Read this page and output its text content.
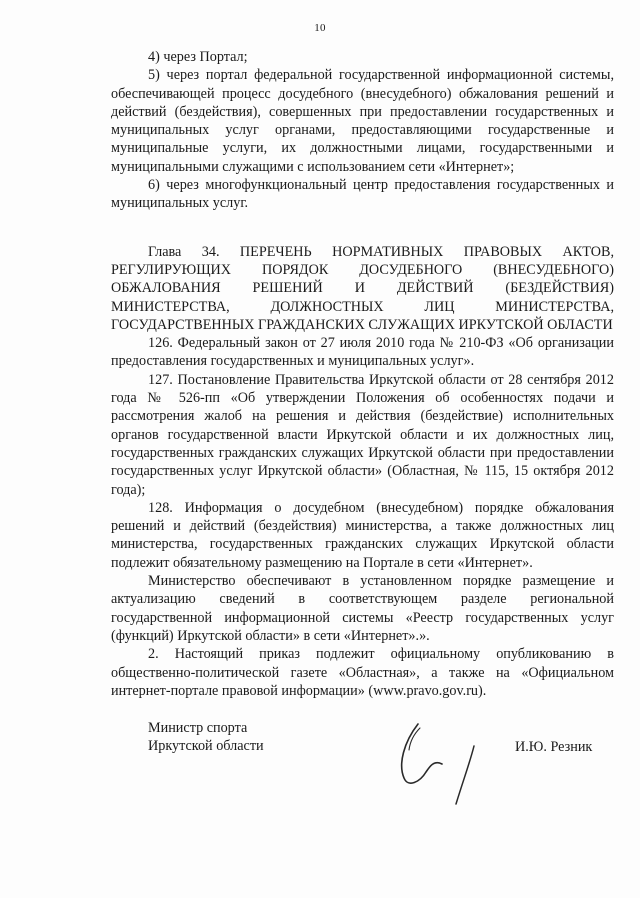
10

4) через Портал;

5) через портал федеральной государственной информационной системы, обеспечивающей процесс досудебного (внесудебного) обжалования решений и действий (бездействия), совершенных при предоставлении государственных и муниципальных услуг органами, предоставляющими государственные и муниципальные услуги, их должностными лицами, государственными и муниципальными служащими с использованием сети «Интернет»;

6) через многофункциональный центр предоставления государственных и муниципальных услуг.

Глава 34. ПЕРЕЧЕНЬ НОРМАТИВНЫХ ПРАВОВЫХ АКТОВ, РЕГУЛИРУЮЩИХ ПОРЯДОК ДОСУДЕБНОГО (ВНЕСУДЕБНОГО) ОБЖАЛОВАНИЯ РЕШЕНИЙ И ДЕЙСТВИЙ (БЕЗДЕЙСТВИЯ) МИНИСТЕРСТВА, ДОЛЖНОСТНЫХ ЛИЦ МИНИСТЕРСТВА, ГОСУДАРСТВЕННЫХ ГРАЖДАНСКИХ СЛУЖАЩИХ ИРКУТСКОЙ ОБЛАСТИ

126. Федеральный закон от 27 июля 2010 года № 210-ФЗ «Об организации предоставления государственных и муниципальных услуг».

127. Постановление Правительства Иркутской области от 28 сентября 2012 года № 526-пп «Об утверждении Положения об особенностях подачи и рассмотрения жалоб на решения и действия (бездействие) исполнительных органов государственной власти Иркутской области и их должностных лиц, государственных гражданских служащих Иркутской области при предоставлении государственных услуг Иркутской области» (Областная, № 115, 15 октября 2012 года);

128. Информация о досудебном (внесудебном) порядке обжалования решений и действий (бездействия) министерства, а также должностных лиц министерства, государственных гражданских служащих Иркутской области подлежит обязательному размещению на Портале в сети «Интернет».

Министерство обеспечивают в установленном порядке размещение и актуализацию сведений в соответствующем разделе региональной государственной информационной системы «Реестр государственных услуг (функций) Иркутской области» в сети «Интернет».».

2. Настоящий приказ подлежит официальному опубликованию в общественно-политической газете «Областная», а также на «Официальном интернет-портале правовой информации» (www.pravo.gov.ru).

Министр спорта
Иркутской области	И.Ю. Резник
